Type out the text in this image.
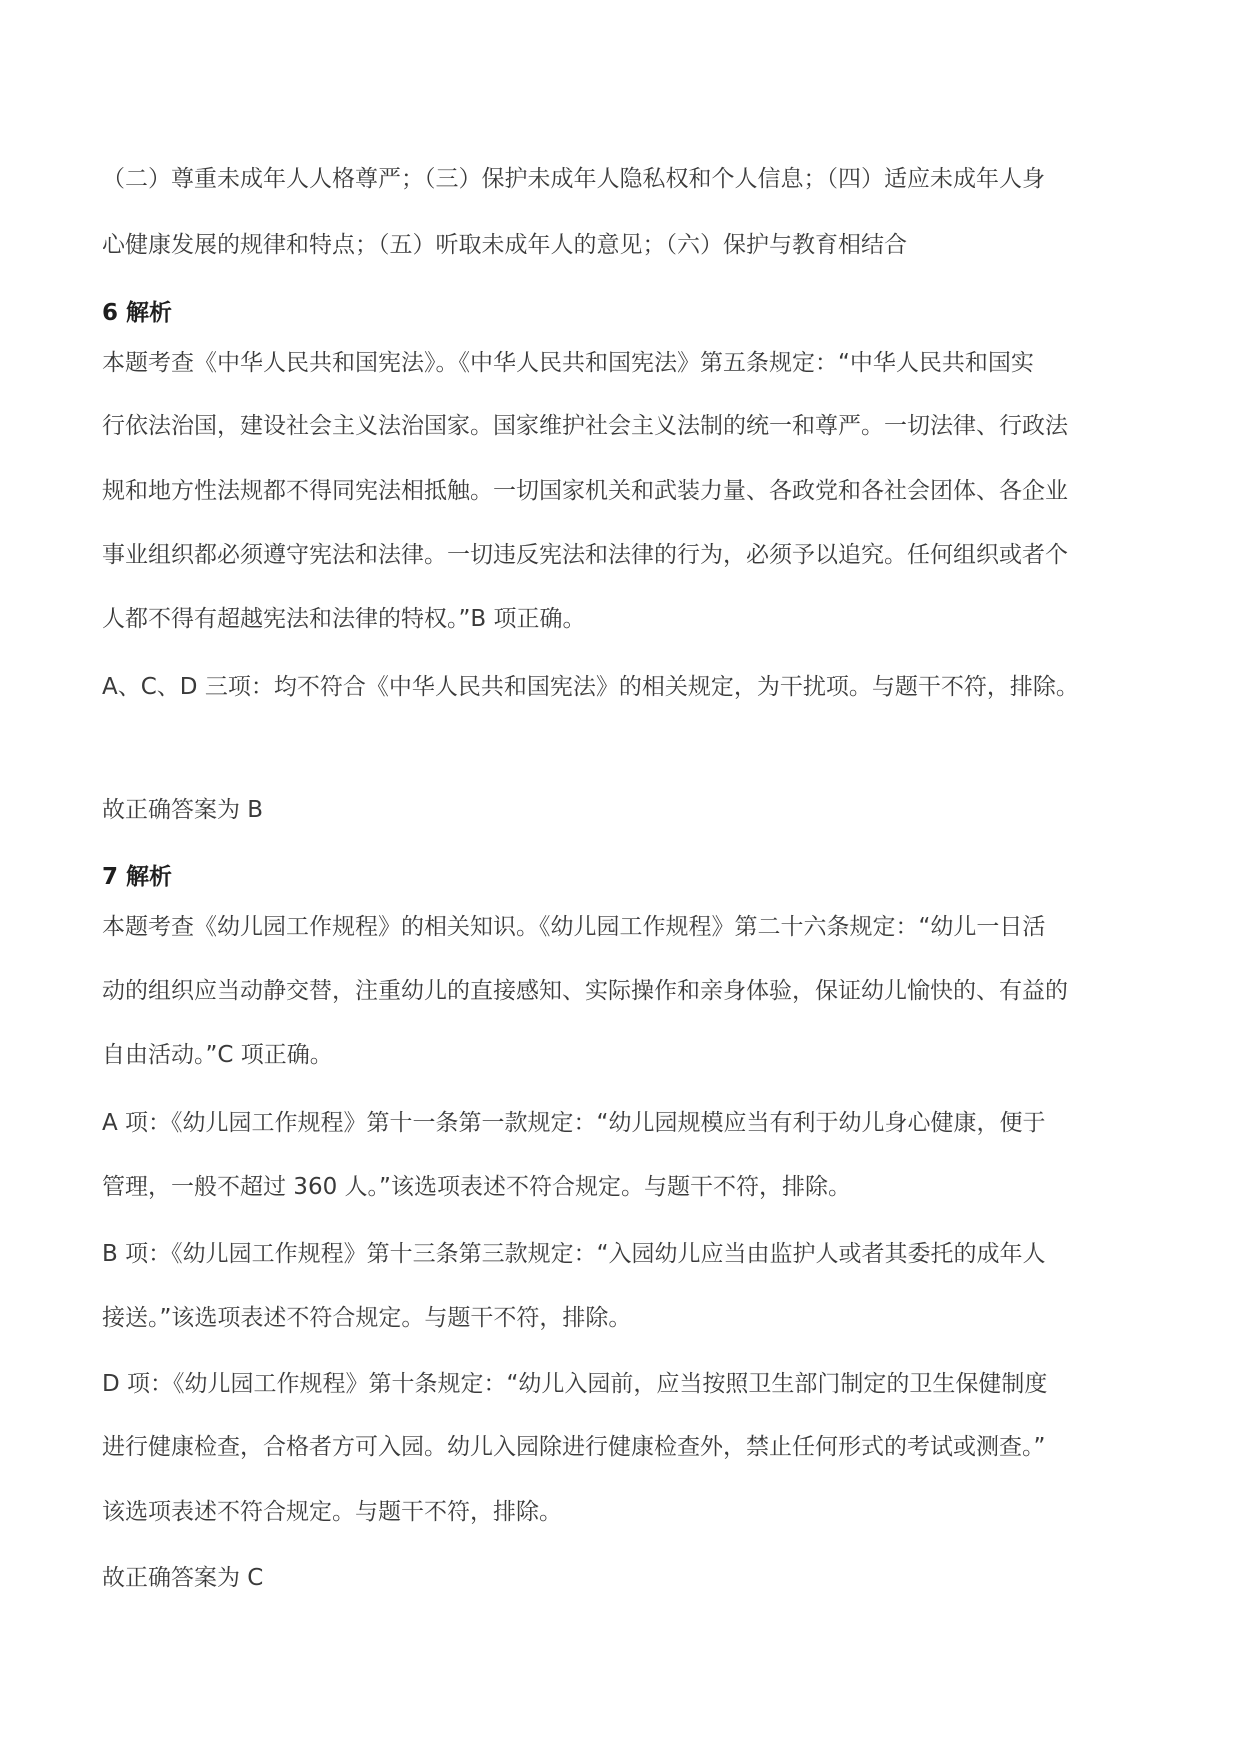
（二）尊重未成年人人格尊严；（三）保护未成年人隐私权和个人信息；（四）适应未成年人身
心健康发展的规律和特点；（五）听取未成年人的意见；（六）保护与教育相结合
6 解析
本题考查《中华人民共和国宪法》。《中华人民共和国宪法》第五条规定：“中华人民共和国实
行依法治国，建设社会主义法治国家。国家维护社会主义法制的统一和尊严。一切法律、行政法
规和地方性法规都不得同宪法相抵触。一切国家机关和武装力量、各政党和各社会团体、各企业
事业组织都必须遵守宪法和法律。一切违反宪法和法律的行为，必须予以追究。任何组织或者个
人都不得有超越宪法和法律的特权。”B 项正确。
A、C、D 三项：均不符合《中华人民共和国宪法》的相关规定，为干扰项。与题干不符，排除。
故正确答案为 B
7 解析
本题考查《幼儿园工作规程》的相关知识。《幼儿园工作规程》第二十六条规定：“幼儿一日活
动的组织应当动静交替，注重幼儿的直接感知、实际操作和亲身体验，保证幼儿愉快的、有益的
自由活动。”C 项正确。
A 项：《幼儿园工作规程》第十一条第一款规定：“幼儿园规模应当有利于幼儿身心健康，便于
管理，一般不超过 360 人。”该选项表述不符合规定。与题干不符，排除。
B 项：《幼儿园工作规程》第十三条第三款规定：“入园幼儿应当由监护人或者其委托的成年人
接送。”该选项表述不符合规定。与题干不符，排除。
D 项：《幼儿园工作规程》第十条规定：“幼儿入园前，应当按照卫生部门制定的卫生保健制度
进行健康检查，合格者方可入园。幼儿入园除进行健康检查外，禁止任何形式的考试或测查。”
该选项表述不符合规定。与题干不符，排除。
故正确答案为 C
